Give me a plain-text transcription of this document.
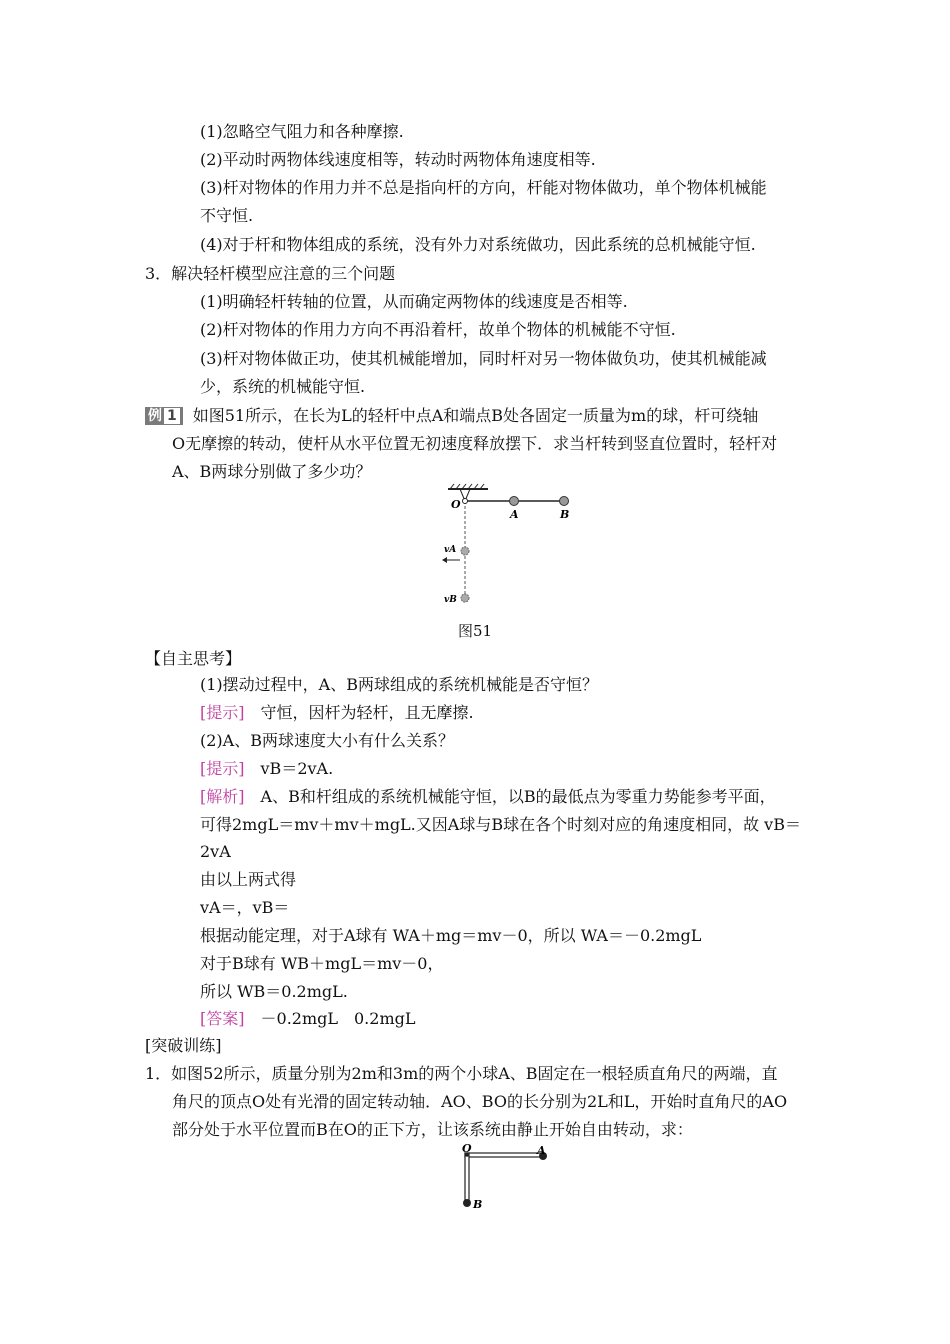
(1)忽略空气阻力和各种摩擦.
(2)平动时两物体线速度相等，转动时两物体角速度相等.
(3)杆对物体的作用力并不总是指向杆的方向，杆能对物体做功，单个物体机械能
不守恒.
(4)对于杆和物体组成的系统，没有外力对系统做功，因此系统的总机械能守恒.
3．解决轻杆模型应注意的三个问题
(1)明确轻杆转轴的位置，从而确定两物体的线速度是否相等.
(2)杆对物体的作用力方向不再沿着杆，故单个物体的机械能不守恒.
(3)杆对物体做正功，使其机械能增加，同时杆对另一物体做负功，使其机械能减
少，系统的机械能守恒.
例 1 如图51所示，在长为L的轻杆中点A和端点B处各固定一质量为m的球，杆可绕轴
O无摩擦的转动，使杆从水平位置无初速度释放摆下．求当杆转到竖直位置时，轻杆对
A、B两球分别做了多少功？
O
A	B
vA
vB
图51
【自主思考】
(1)摆动过程中，A、B两球组成的系统机械能是否守恒？
[提示]　 守恒，因杆为轻杆，且无摩擦.
(2)A、B两球速度大小有什么关系？
[提示]　 vB＝2vA.
[解析]　 A、B和杆组成的系统机械能守恒，以B的最低点为零重力势能参考平面，
可得2mgL＝mv＋mv＋mgL.又因A球与B球在各个时刻对应的角速度相同，故 vB＝
2vA
由以上两式得
vA＝，vB＝
根据动能定理，对于A球有 WA＋mg＝mv－0，所以 WA＝－0.2mgL
对于B球有 WB＋mgL＝mv－0，
所以 WB＝0.2mgL.
[答案]　 －0.2mgL　0.2mgL
[突破训练]
1．如图52所示，质量分别为2m和3m的两个小球A、B固定在一根轻质直角尺的两端，直
角尺的顶点O处有光滑的固定转动轴．AO、BO的长分别为2L和L，开始时直角尺的AO
部分处于水平位置而B在O的正下方，让该系统由静止开始自由转动，求：
O	A
B
